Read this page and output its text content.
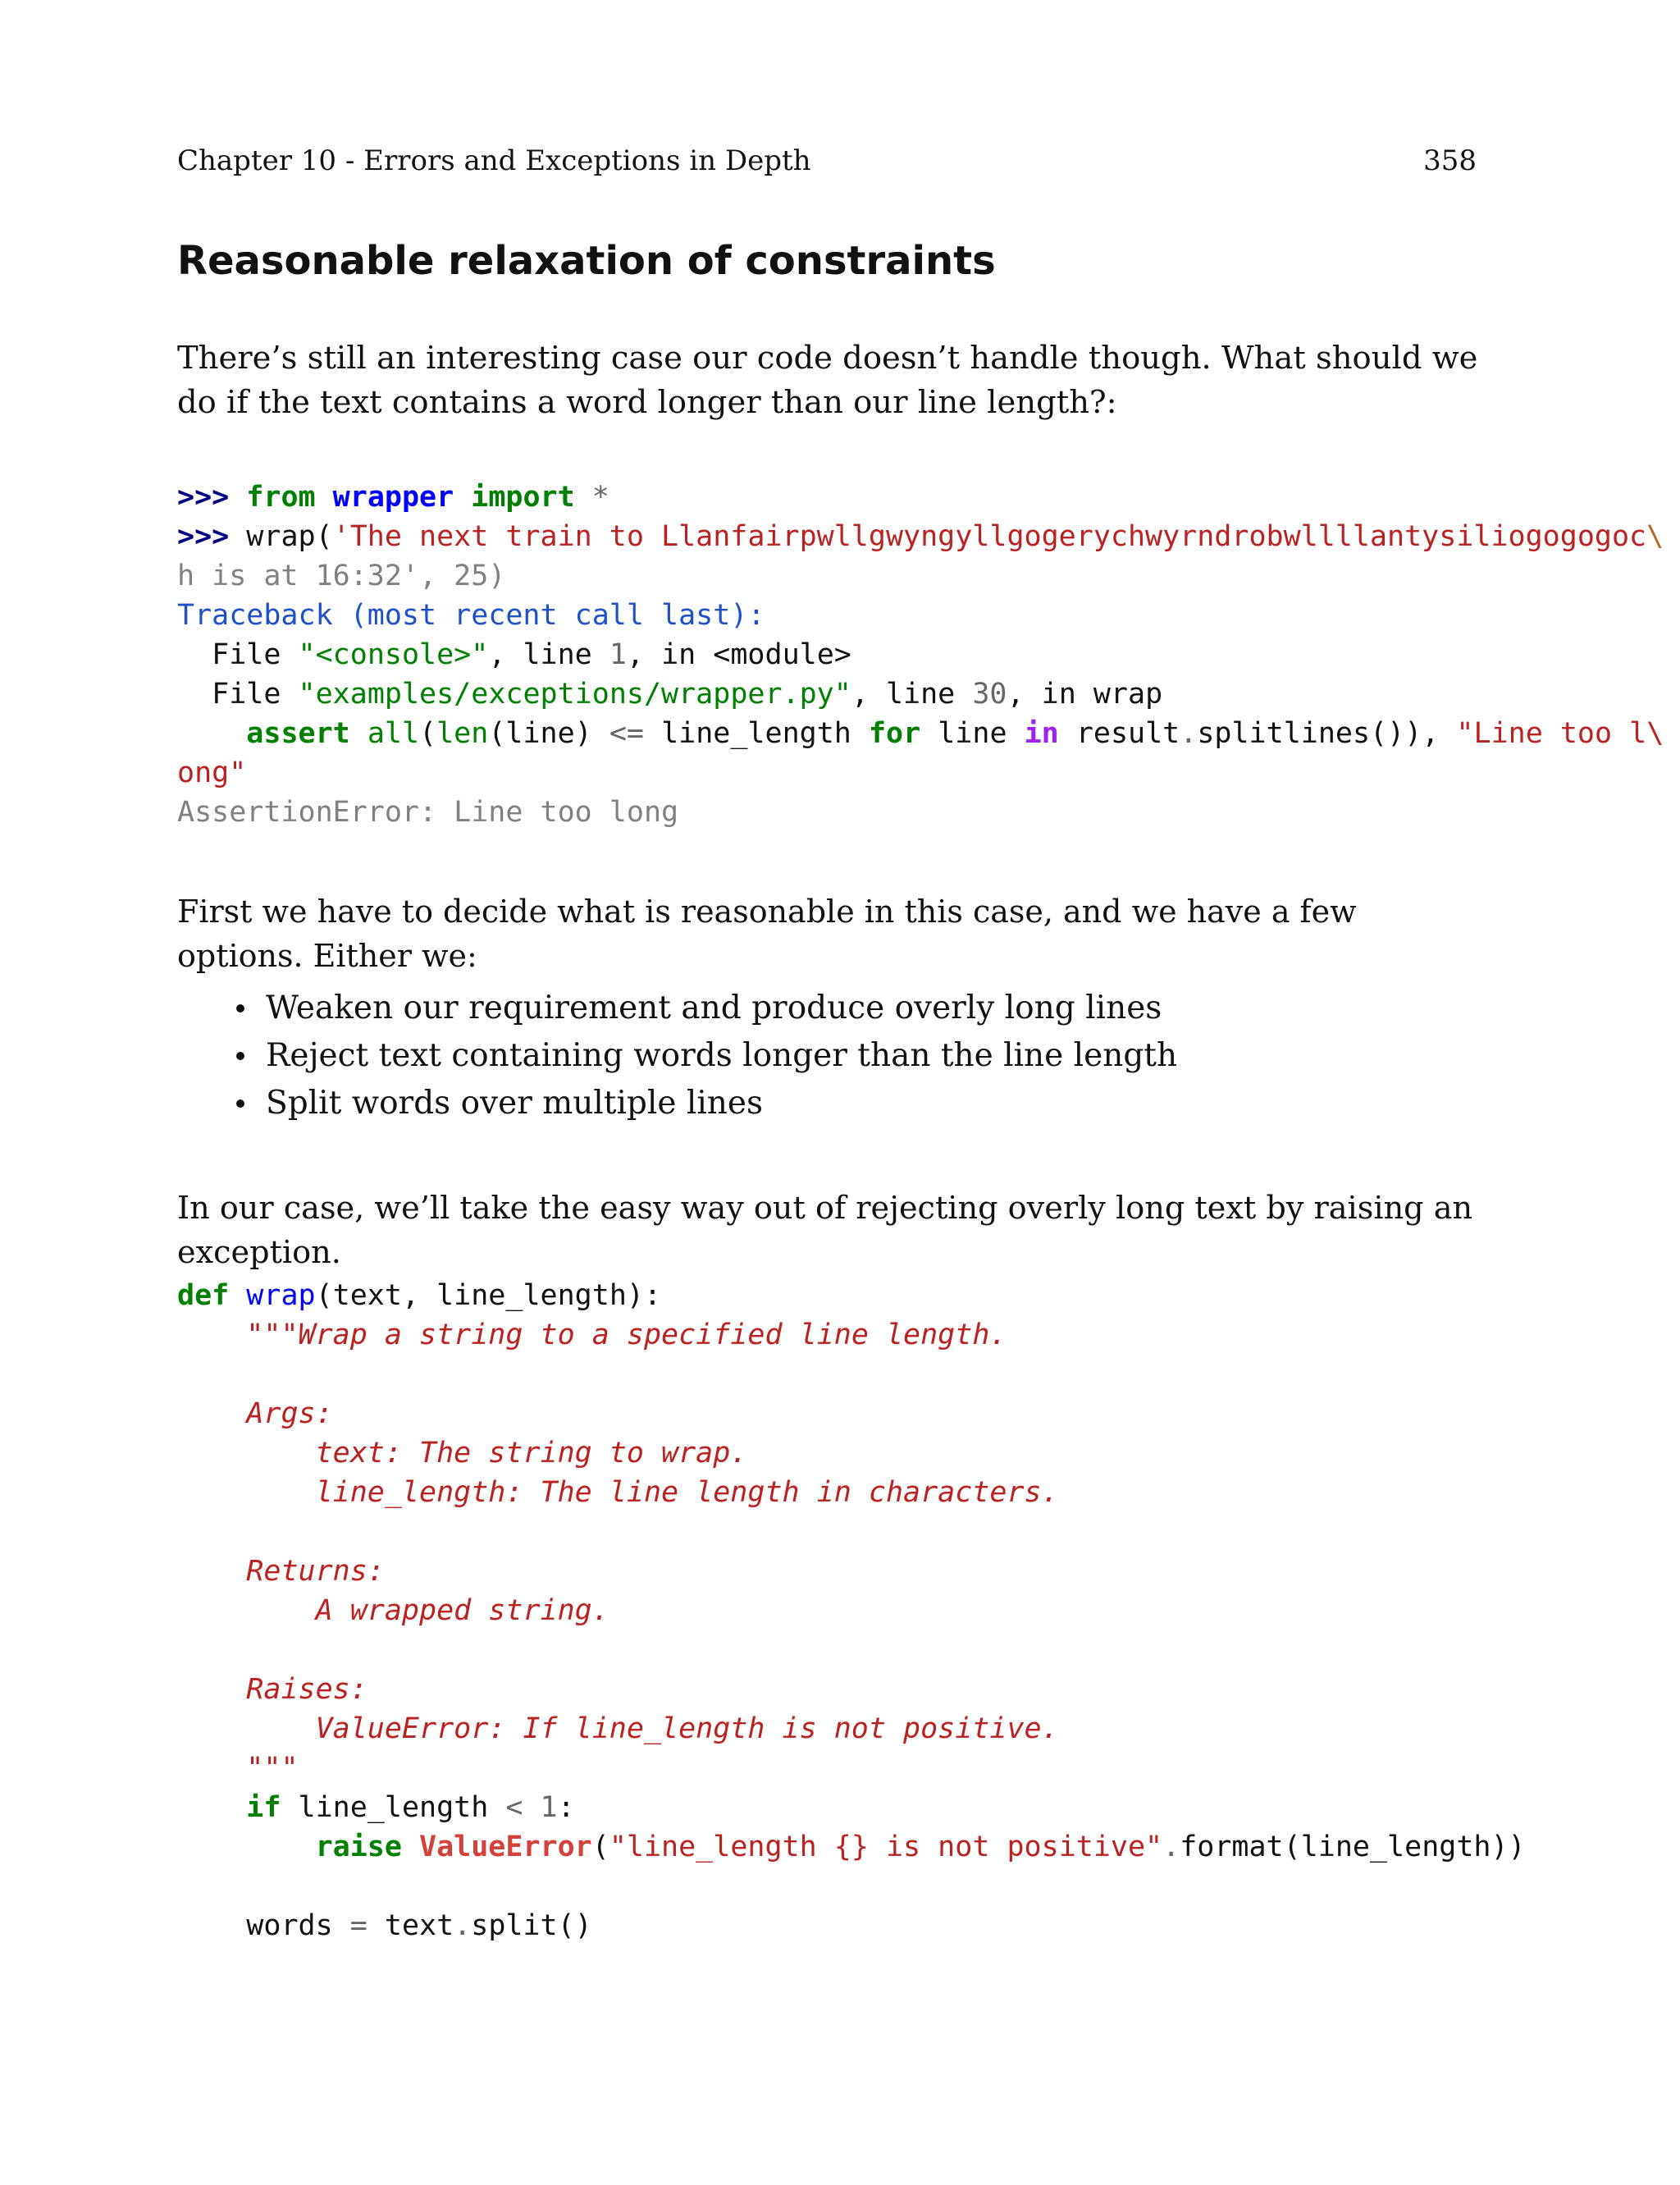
Chapter 10 - Errors and Exceptions in Depth	358
Reasonable relaxation of constraints

There’s still an interesting case our code doesn’t handle though. What should we do if the text contains a word longer than our line length?:

>>> from wrapper import *
>>> wrap('The next train to Llanfairpwllgwyngyllgogerychwyrndrobwllllantysiliogogogoc\
h is at 16:32', 25)
Traceback (most recent call last):
File "<console>", line 1, in <module>
File "examples/exceptions/wrapper.py", line 30, in wrap
assert all(len(line) <= line_length for line in result.splitlines()), "Line too l\
ong"
AssertionError: Line too long

First we have to decide what is reasonable in this case, and we have a few options. Either we:

Weaken our requirement and produce overly long lines
Reject text containing words longer than the line length
Split words over multiple lines

In our case, we’ll take the easy way out of rejecting overly long text by raising an exception.

def wrap(text, line_length):
"""Wrap a string to a specified line length.
Args:
text: The string to wrap.
line_length: The line length in characters.
Returns:
A wrapped string.
Raises:
ValueError: If line_length is not positive.
"""
if line_length < 1:
raise ValueError("line_length {} is not positive".format(line_length))
words = text.split()
